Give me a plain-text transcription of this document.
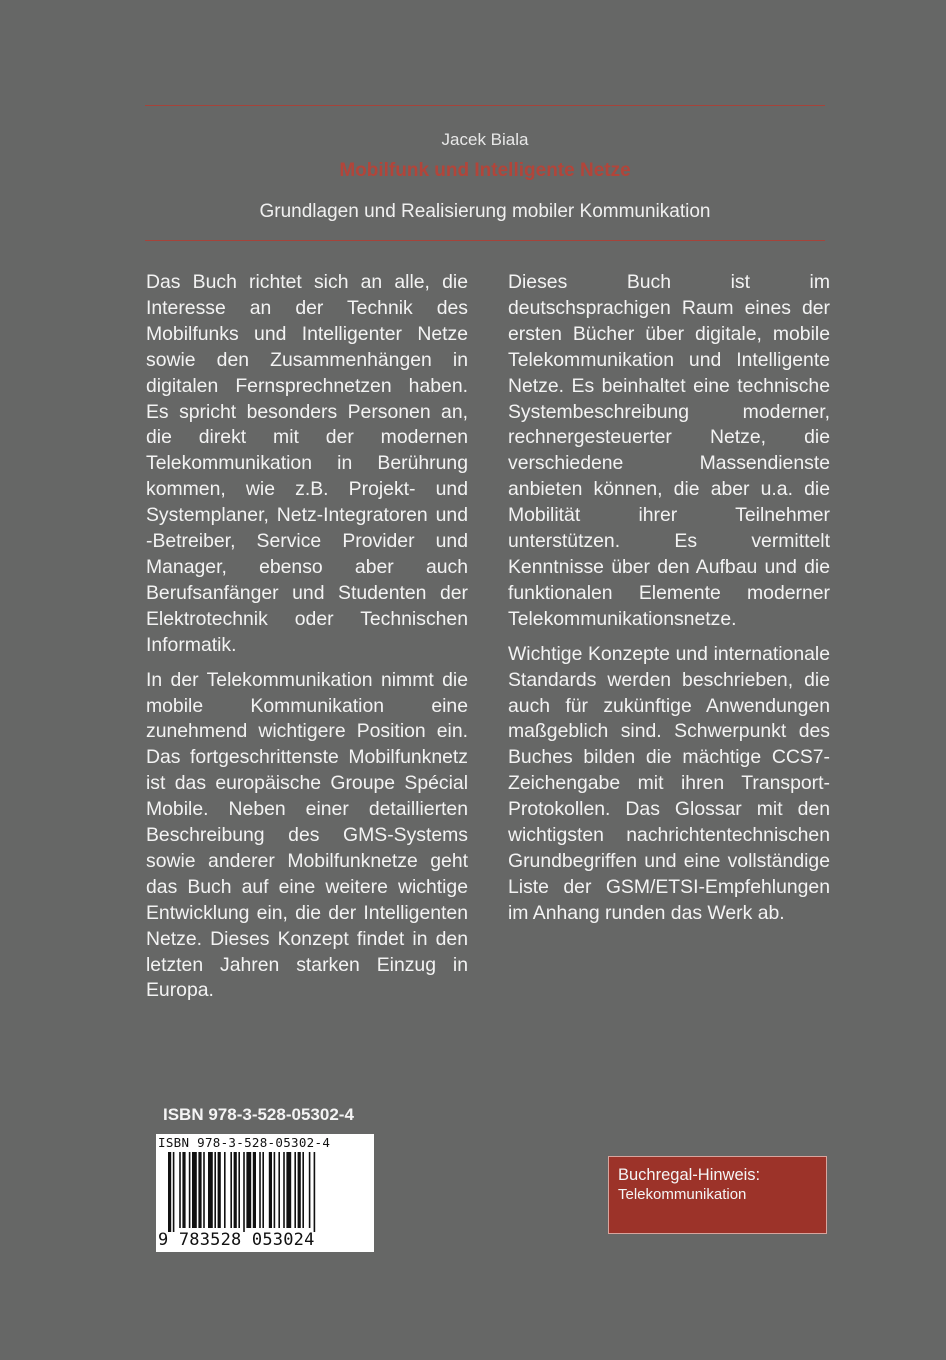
Jacek Biala
Mobilfunk und Intelligente Netze
Grundlagen und Realisierung mobiler Kommunikation

Das Buch richtet sich an alle, die Interesse an der Technik des Mobilfunks und Intelligenter Netze sowie den Zusammenhängen in digitalen Fernsprechnetzen haben. Es spricht besonders Personen an, die direkt mit der modernen Telekommunikation in Berührung kommen, wie z.B. Projekt- und Systemplaner, Netz-Integratoren und -Betreiber, Service Provider und Manager, ebenso aber auch Berufsanfänger und Studenten der Elektrotechnik oder Technischen Informatik.

In der Telekommunikation nimmt die mobile Kommunikation eine zunehmend wichtigere Position ein. Das fortgeschrittenste Mobilfunknetz ist das europäische Groupe Spécial Mobile. Neben einer detaillierten Beschreibung des GMS-Systems sowie anderer Mobilfunknetze geht das Buch auf eine weitere wichtige Entwicklung ein, die der Intelligenten Netze. Dieses Konzept findet in den letzten Jahren starken Einzug in Europa.

Dieses Buch ist im deutschsprachigen Raum eines der ersten Bücher über digitale, mobile Telekommunikation und Intelligente Netze. Es beinhaltet eine technische Systembeschreibung moderner, rechnergesteuerter Netze, die verschiedene Massendienste anbieten können, die aber u.a. die Mobilität ihrer Teilnehmer unterstützen. Es vermittelt Kenntnisse über den Aufbau und die funktionalen Elemente moderner Telekommunikationsnetze.

Wichtige Konzepte und internationale Standards werden beschrieben, die auch für zukünftige Anwendungen maßgeblich sind. Schwerpunkt des Buches bilden die mächtige CCS7-Zeichengabe mit ihren Transport-Protokollen. Das Glossar mit den wichtigsten nachrichtentechnischen Grundbegriffen und eine vollständige Liste der GSM/ETSI-Empfehlungen im Anhang runden das Werk ab.

ISBN 978-3-528-05302-4
ISBN 978-3-528-05302-4
9 783528 053024
Buchregal-Hinweis:
Telekommunikation
